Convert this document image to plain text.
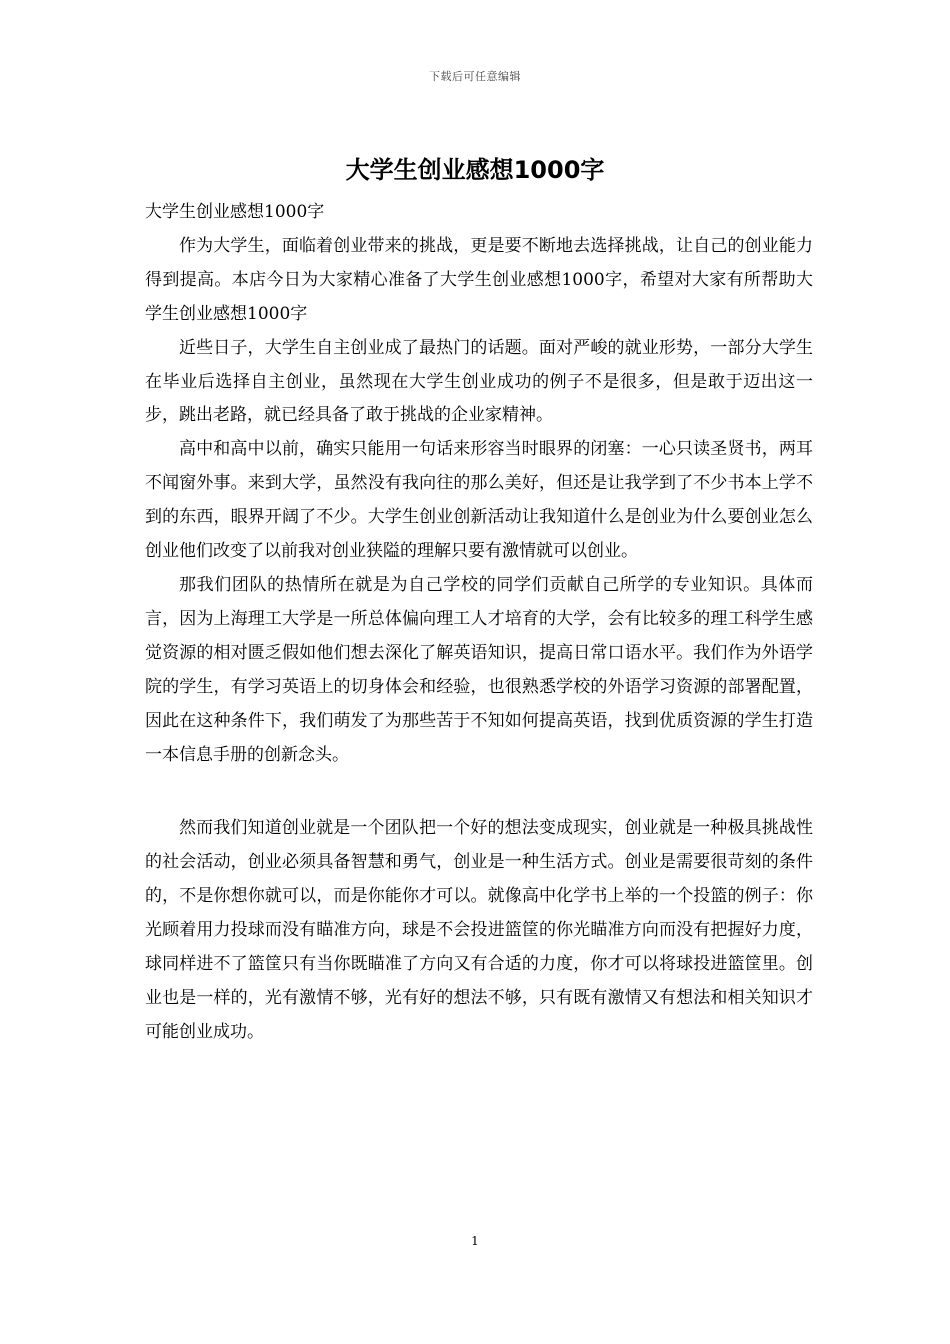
下载后可任意编辑
大学生创业感想1000字

大学生创业感想1000字

作为大学生，面临着创业带来的挑战，更是要不断地去选择挑战，让自己的创业能力得到提高。本店今日为大家精心准备了大学生创业感想1000字，希望对大家有所帮助大学生创业感想1000字

近些日子，大学生自主创业成了最热门的话题。面对严峻的就业形势，一部分大学生在毕业后选择自主创业，虽然现在大学生创业成功的例子不是很多，但是敢于迈出这一步，跳出老路，就已经具备了敢于挑战的企业家精神。

高中和高中以前，确实只能用一句话来形容当时眼界的闭塞：一心只读圣贤书，两耳不闻窗外事。来到大学，虽然没有我向往的那么美好，但还是让我学到了不少书本上学不到的东西，眼界开阔了不少。大学生创业创新活动让我知道什么是创业为什么要创业怎么创业他们改变了以前我对创业狭隘的理解只要有激情就可以创业。

那我们团队的热情所在就是为自己学校的同学们贡献自己所学的专业知识。具体而言，因为上海理工大学是一所总体偏向理工人才培育的大学，会有比较多的理工科学生感觉资源的相对匮乏假如他们想去深化了解英语知识，提高日常口语水平。我们作为外语学院的学生，有学习英语上的切身体会和经验，也很熟悉学校的外语学习资源的部署配置，因此在这种条件下，我们萌发了为那些苦于不知如何提高英语，找到优质资源的学生打造一本信息手册的创新念头。

然而我们知道创业就是一个团队把一个好的想法变成现实，创业就是一种极具挑战性的社会活动，创业必须具备智慧和勇气，创业是一种生活方式。创业是需要很苛刻的条件的，不是你想你就可以，而是你能你才可以。就像高中化学书上举的一个投篮的例子：你光顾着用力投球而没有瞄准方向，球是不会投进篮筐的你光瞄准方向而没有把握好力度，球同样进不了篮筐只有当你既瞄准了方向又有合适的力度，你才可以将球投进篮筐里。创业也是一样的，光有激情不够，光有好的想法不够，只有既有激情又有想法和相关知识才可能创业成功。

1
